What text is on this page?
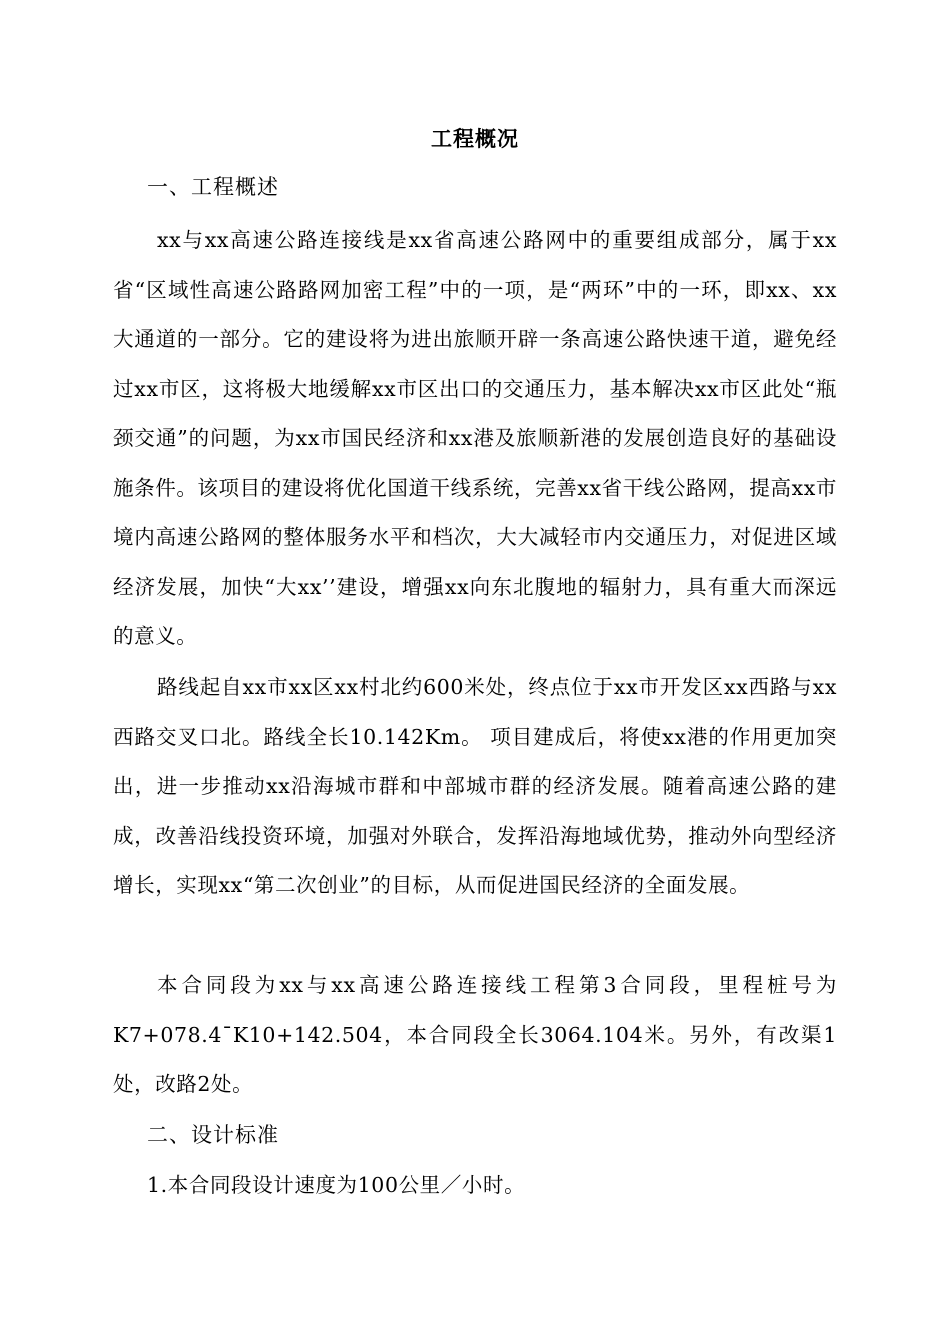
工程概况
一、工程概述

xx与xx高速公路连接线是xx省高速公路网中的重要组成部分，属于xx省“区域性高速公路路网加密工程”中的一项，是“两环”中的一环，即xx、xx大通道的一部分。它的建设将为进出旅顺开辟一条高速公路快速干道，避免经过xx市区，这将极大地缓解xx市区出口的交通压力，基本解决xx市区此处“瓶颈交通”的问题，为xx市国民经济和xx港及旅顺新港的发展创造良好的基础设施条件。该项目的建设将优化国道干线系统，完善xx省干线公路网，提高xx市境内高速公路网的整体服务水平和档次，大大减轻市内交通压力，对促进区域经济发展，加快“大xx’’建设，增强xx向东北腹地的辐射力，具有重大而深远的意义。

路线起自xx市xx区xx村北约600米处，终点位于xx市开发区xx西路与xx西路交叉口北。路线全长10.142Km。 项目建成后，将使xx港的作用更加突出，进一步推动xx沿海城市群和中部城市群的经济发展。随着高速公路的建成，改善沿线投资环境，加强对外联合，发挥沿海地域优势，推动外向型经济增长，实现xx“第二次创业”的目标，从而促进国民经济的全面发展。

本合同段为xx与xx高速公路连接线工程第3合同段，里程桩号为K7+078.4¯K10+142.504，本合同段全长3064.104米。另外，有改渠1处，改路2处。

二、设计标准
1.本合同段设计速度为100公里／小时。
